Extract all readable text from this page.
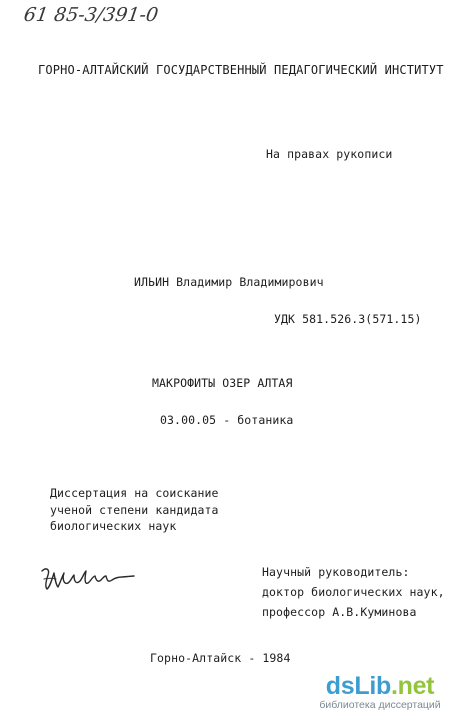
61 85-3/391-0
ГОРНО-АЛТАЙСКИЙ ГОСУДАРСТВЕННЫЙ ПЕДАГОГИЧЕСКИЙ ИНСТИТУТ
На правах рукописи
ИЛЬИН Владимир Владимирович
УДК 581.526.3(571.15)
МАКРОФИТЫ ОЗЕР АЛТАЯ
03.00.05 - ботаника
Диссертация на соискание
ученой степени кандидата
биологических наук
Научный руководитель:
доктор биологических наук,
профессор А.В.Куминова
Горно-Алтайск - 1984
dsLib.net
библиотека диссертаций
